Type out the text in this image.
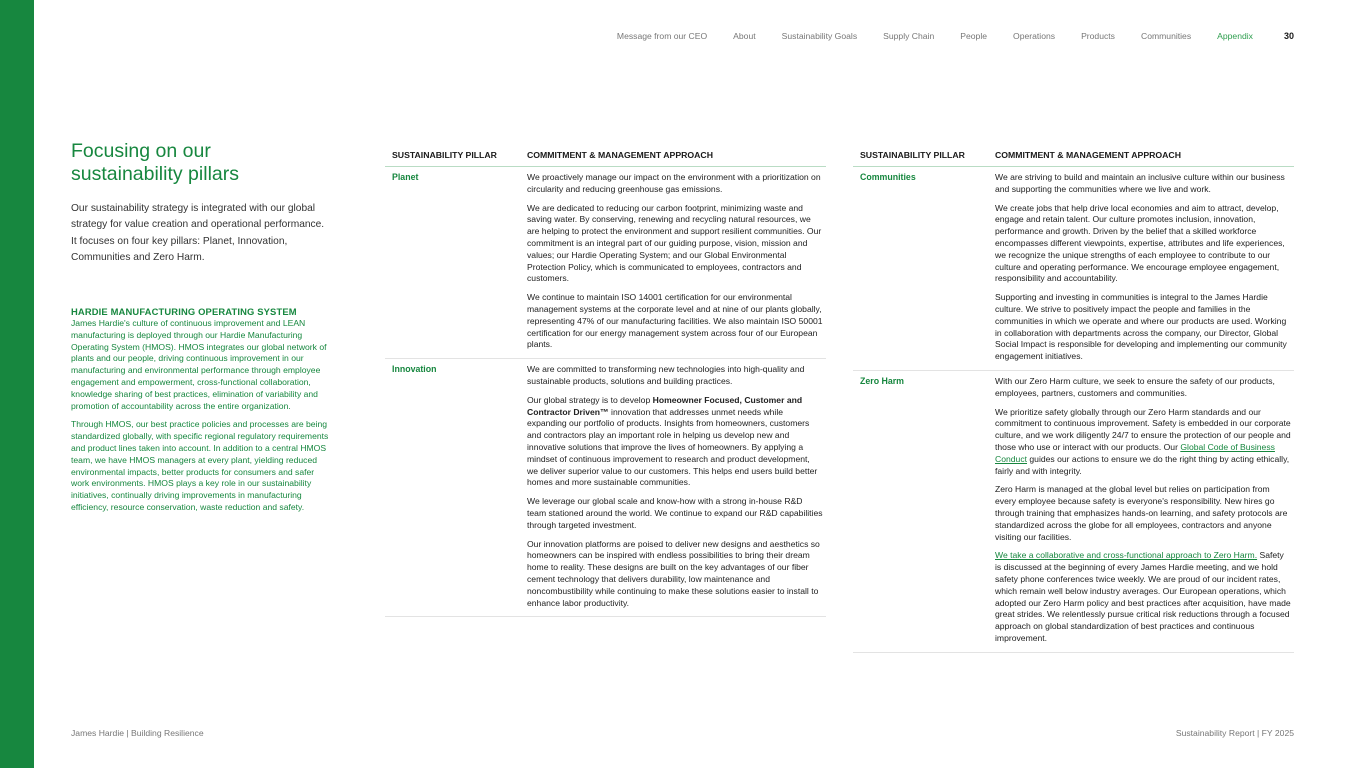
Message from our CEO	About	Sustainability Goals	Supply Chain	People	Operations	Products	Communities	Appendix	30
Focusing on our
sustainability pillars

Our sustainability strategy is integrated with our global strategy for value creation and operational performance. It focuses on four key pillars: Planet, Innovation, Communities and Zero Harm.

HARDIE MANUFACTURING OPERATING SYSTEM

James Hardie's culture of continuous improvement and LEAN manufacturing is deployed through our Hardie Manufacturing Operating System (HMOS). HMOS integrates our global network of plants and our people, driving continuous improvement in our manufacturing and environmental performance through employee engagement and empowerment, cross-functional collaboration, knowledge sharing of best practices, elimination of variability and promotion of accountability across the entire organization.

Through HMOS, our best practice policies and processes are being standardized globally, with specific regional regulatory requirements and product lines taken into account. In addition to a central HMOS team, we have HMOS managers at every plant, yielding reduced environmental impacts, better products for consumers and safer work environments. HMOS plays a key role in our sustainability initiatives, continually driving improvements in manufacturing efficiency, resource conservation, waste reduction and safety.

SUSTAINABILITY PILLAR	COMMITMENT & MANAGEMENT APPROACH
Planet	We proactively manage our impact on the environment with a prioritization on circularity and reducing greenhouse gas emissions.

We are dedicated to reducing our carbon footprint, minimizing waste and saving water. By conserving, renewing and recycling natural resources, we are helping to protect the environment and support resilient communities. Our commitment is an integral part of our guiding purpose, vision, mission and values; our Hardie Operating System; and our Global Environmental Protection Policy, which is communicated to employees, contractors and customers.

We continue to maintain ISO 14001 certification for our environmental management systems at the corporate level and at nine of our plants globally, representing 47% of our manufacturing facilities. We also maintain ISO 50001 certification for our energy management system across four of our European plants.

Innovation	We are committed to transforming new technologies into high-quality and sustainable products, solutions and building practices.

Our global strategy is to develop Homeowner Focused, Customer and Contractor Driven™ innovation that addresses unmet needs while expanding our portfolio of products. Insights from homeowners, customers and contractors play an important role in helping us develop new and innovative solutions that improve the lives of homeowners. By applying a mindset of continuous improvement to research and product development, we deliver superior value to our customers. This helps end users build better homes and more sustainable communities.

We leverage our global scale and know-how with a strong in-house R&D team stationed around the world. We continue to expand our R&D capabilities through targeted investment.

Our innovation platforms are poised to deliver new designs and aesthetics so homeowners can be inspired with endless possibilities to bring their dream home to reality. These designs are built on the key advantages of our fiber cement technology that delivers durability, low maintenance and noncombustibility while continuing to make these solutions easier to install to enhance labor productivity.

SUSTAINABILITY PILLAR	COMMITMENT & MANAGEMENT APPROACH
Communities	We are striving to build and maintain an inclusive culture within our business and supporting the communities where we live and work.

We create jobs that help drive local economies and aim to attract, develop, engage and retain talent. Our culture promotes inclusion, innovation, performance and growth. Driven by the belief that a skilled workforce encompasses different viewpoints, expertise, attributes and life experiences, we recognize the unique strengths of each employee to contribute to our culture and operating performance. We encourage employee engagement, responsibility and accountability.

Supporting and investing in communities is integral to the James Hardie culture. We strive to positively impact the people and families in the communities in which we operate and where our products are used. Working in collaboration with departments across the company, our Director, Global Social Impact is responsible for developing and implementing our community engagement initiatives.

Zero Harm	With our Zero Harm culture, we seek to ensure the safety of our products, employees, partners, customers and communities.

We prioritize safety globally through our Zero Harm standards and our commitment to continuous improvement. Safety is embedded in our corporate culture, and we work diligently 24/7 to ensure the protection of our people and those who use or interact with our products. Our Global Code of Business Conduct guides our actions to ensure we do the right thing by acting ethically, fairly and with integrity.

Zero Harm is managed at the global level but relies on participation from every employee because safety is everyone's responsibility. New hires go through training that emphasizes hands-on learning, and safety protocols are standardized across the globe for all employees, contractors and anyone visiting our facilities.

We take a collaborative and cross-functional approach to Zero Harm. Safety is discussed at the beginning of every James Hardie meeting, and we hold safety phone conferences twice weekly. We are proud of our incident rates, which remain well below industry averages. Our European operations, which adopted our Zero Harm policy and best practices after acquisition, have made great strides. We relentlessly pursue critical risk reductions through a focused approach on global standardization of best practices and continuous improvement.

James Hardie | Building Resilience	Sustainability Report | FY 2025
